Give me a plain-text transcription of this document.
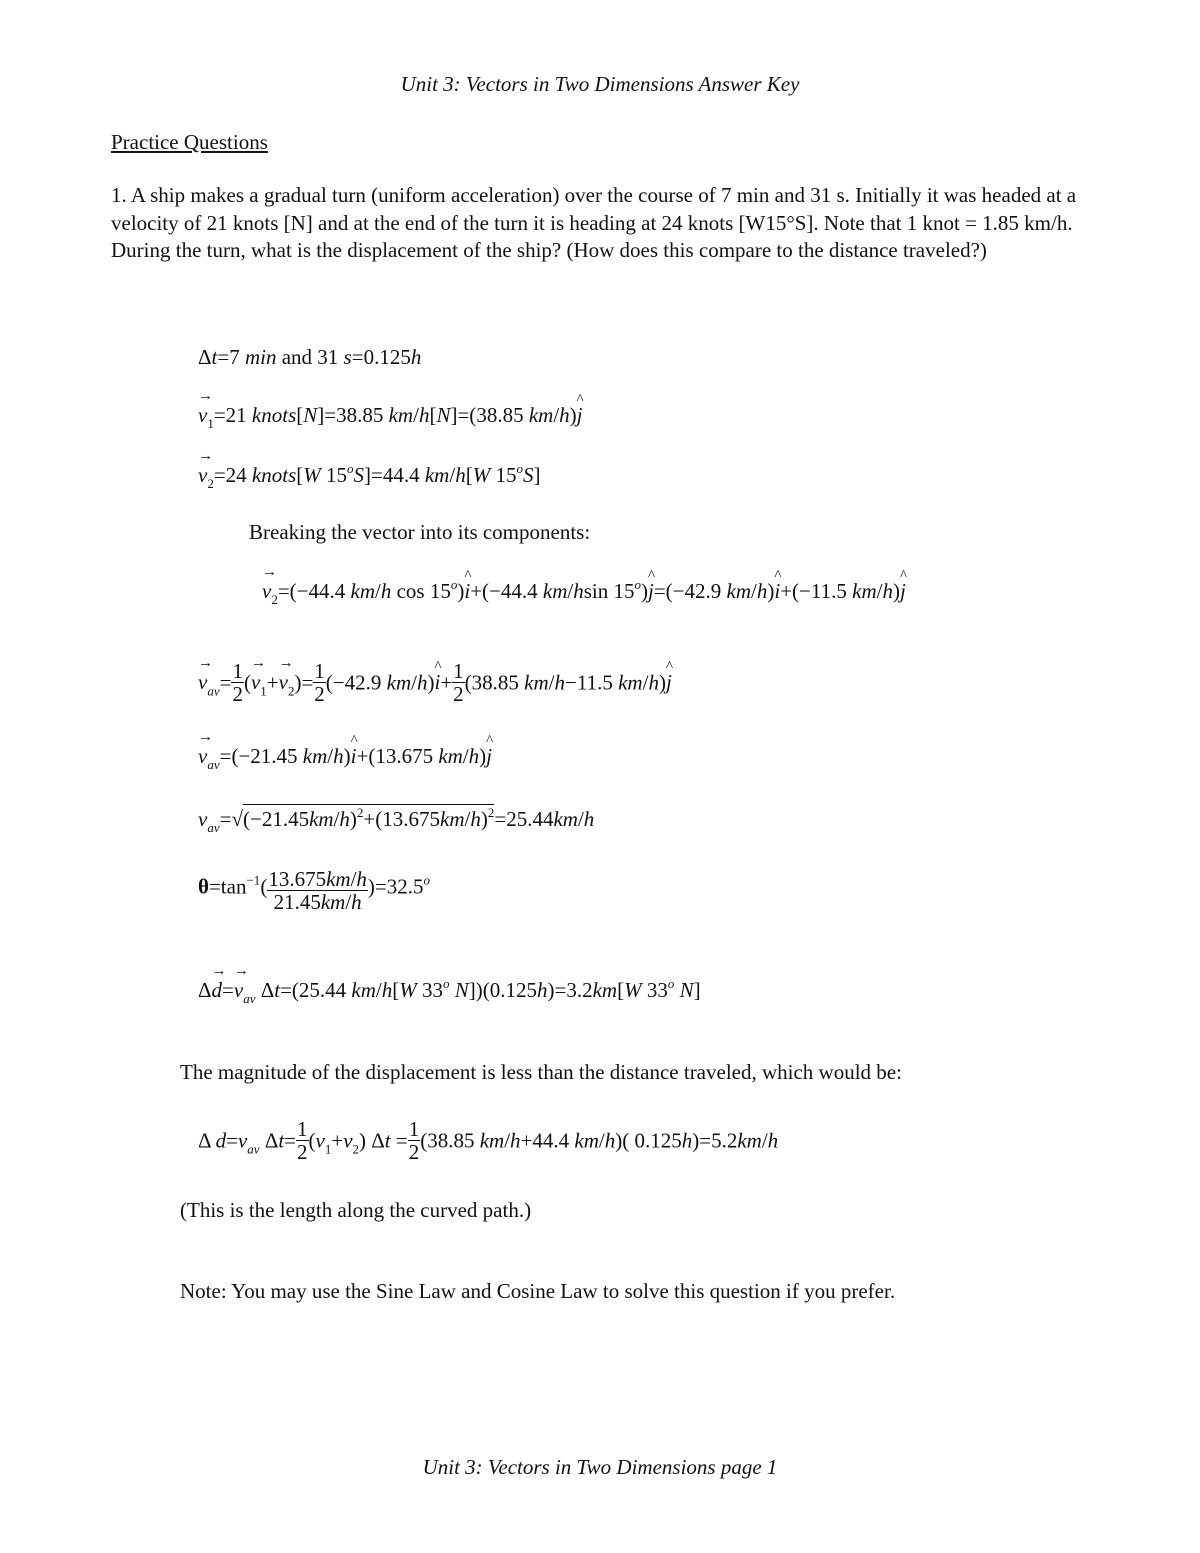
Unit 3: Vectors in Two Dimensions Answer Key
Practice Questions
1. A ship makes a gradual turn (uniform acceleration) over the course of 7 min and 31 s. Initially it was headed at a velocity of 21 knots [N] and at the end of the turn it is heading at 24 knots [W15°S]. Note that 1 knot = 1.85 km/h. During the turn, what is the displacement of the ship? (How does this compare to the distance traveled?)
Δt=7 min and 31 s=0.125h
→ $v_1=21$ knots[N]=38.85 km/h[N]=(38.85 km/h)^ j
→ $v_2=24$ knots[W $15^oS]=44.4$ km/h[W 15$^o$S]
Breaking the vector into its components:
→ $v_2=(-44.4$ km/h cos 15$^o$)^ i+(−44.4 km/hsin 15$^o$)^ j=(−42.9 km/h)^ i+(−11.5 km/h)^ j
→ $v_{av}= \frac{1}{2}$ (→ $v_1+\to v_2)= \frac{1}{2} (-42.9$ km/h)^ $i+ \frac{1}{2} (38.85$ km/h−11.5 km/h)^ j
→ $v_{av}=(-21.45$ km/h)^ i+(13.675 km/h)^ j
$v_{av}=√(-21.45km/h)^2+(13.675km/h)^2=25.44km/h$
$\theta=\tan^{-1}( \frac{13.675km/h}{21.45km/h} )=32.5^o$
$\Delta\to d=\to v_{av}$ Δt=(25.44 km/h[W 33$^o$ N])(0.125h)=3.2km[W 33$^o$ N]
The magnitude of the displacement is less than the distance traveled, which would be:
Δ $d=v_{av}$ $\Delta t= \frac{1}{2} (v_1+v_2) \Delta t = \frac{1}{2} (38.85$ km/h+44.4 km/h)( 0.125h)=5.2km/h
(This is the length along the curved path.)
Note: You may use the Sine Law and Cosine Law to solve this question if you prefer.
Unit 3: Vectors in Two Dimensions page 1
